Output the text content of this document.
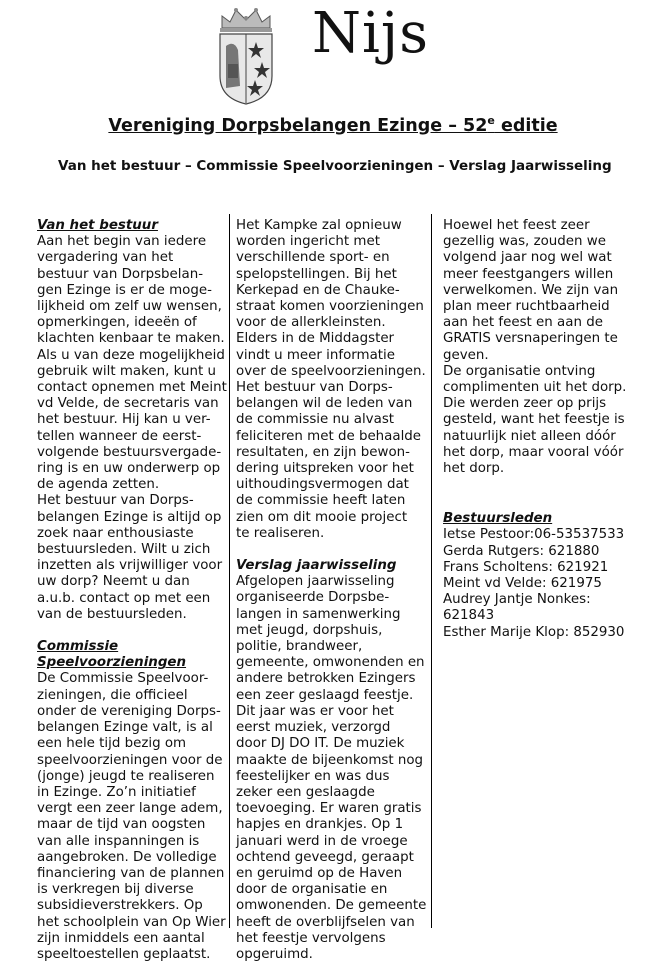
Nijs
Vereniging Dorpsbelangen Ezinge – 52e editie
Van het bestuur – Commissie Speelvoorzieningen – Verslag Jaarwisseling
Van het bestuur
Aan het begin van iedere
vergadering van het
bestuur van Dorpsbelan-
gen Ezinge is er de moge-
lijkheid om zelf uw wensen,
opmerkingen, ideeën of
klachten kenbaar te maken.
Als u van deze mogelijkheid
gebruik wilt maken, kunt u
contact opnemen met Meint
vd Velde, de secretaris van
het bestuur. Hij kan u ver-
tellen wanneer de eerst-
volgende bestuursvergade-
ring is en uw onderwerp op
de agenda zetten.
Het bestuur van Dorps-
belangen Ezinge is altijd op
zoek naar enthousiaste
bestuursleden. Wilt u zich
inzetten als vrijwilliger voor
uw dorp? Neemt u dan
a.u.b. contact op met een
van de bestuursleden.
Commissie
Speelvoorzieningen
De Commissie Speelvoor-
zieningen, die officieel
onder de vereniging Dorps-
belangen Ezinge valt, is al
een hele tijd bezig om
speelvoorzieningen voor de
(jonge) jeugd te realiseren
in Ezinge. Zo’n initiatief
vergt een zeer lange adem,
maar de tijd van oogsten
van alle inspanningen is
aangebroken. De volledige
financiering van de plannen
is verkregen bij diverse
subsidieverstrekkers. Op
het schoolplein van Op Wier
zijn inmiddels een aantal
speeltoestellen geplaatst.
Het Kampke zal opnieuw
worden ingericht met
verschillende sport- en
spelopstellingen. Bij het
Kerkepad en de Chauke-
straat komen voorzieningen
voor de allerkleinsten.
Elders in de Middagster
vindt u meer informatie
over de speelvoorzieningen.
Het bestuur van Dorps-
belangen wil de leden van
de commissie nu alvast
feliciteren met de behaalde
resultaten, en zijn bewon-
dering uitspreken voor het
uithoudingsvermogen dat
de commissie heeft laten
zien om dit mooie project
te realiseren.
Verslag jaarwisseling
Afgelopen jaarwisseling
organiseerde Dorpsbe-
langen in samenwerking
met jeugd, dorpshuis,
politie, brandweer,
gemeente, omwonenden en
andere betrokken Ezingers
een zeer geslaagd feestje.
Dit jaar was er voor het
eerst muziek, verzorgd
door DJ DO IT. De muziek
maakte de bijeenkomst nog
feestelijker en was dus
zeker een geslaagde
toevoeging. Er waren gratis
hapjes en drankjes. Op 1
januari werd in de vroege
ochtend geveegd, geraapt
en geruimd op de Haven
door de organisatie en
omwonenden. De gemeente
heeft de overblijfselen van
het feestje vervolgens
opgeruimd.
Hoewel het feest zeer
gezellig was, zouden we
volgend jaar nog wel wat
meer feestgangers willen
verwelkomen. We zijn van
plan meer ruchtbaarheid
aan het feest en aan de
GRATIS versnaperingen te
geven.
De organisatie ontving
complimenten uit het dorp.
Die werden zeer op prijs
gesteld, want het feestje is
natuurlijk niet alleen dóór
het dorp, maar vooral vóór
het dorp.
Bestuursleden
Ietse Pestoor:06-53537533
Gerda Rutgers: 621880
Frans Scholtens: 621921
Meint vd Velde: 621975
Audrey Jantje Nonkes:
621843
Esther Marije Klop: 852930
